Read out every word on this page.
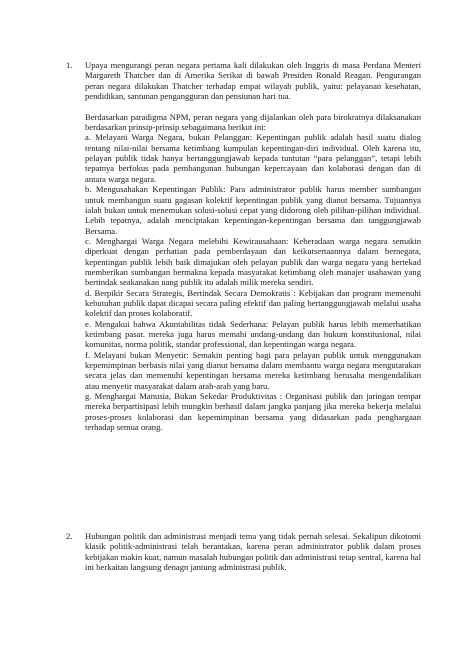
1.	Upaya mengurangi peran negara pertama kali dilakukan oleh Inggris di masa Perdana Menteri Margareth Thatcher dan di Amerika Serikat di bawah Presiden Ronald Reagan. Pengurangan peran negara dilakukan Thatcher terhadap empat wilayah publik, yaitu: pelayanan kesehatan, pendidikan, santunan pengangguran dan pensiunan hari tua.

Berdasarkan paradigma NPM, peran negara yang dijalankan oleh para birokratnya dilaksanakan berdasarkan prinsip-prinsip sebagaimana berikut ini:

a. Melayani Warga Negara, bukan Pelanggan: Kepentingan publik adalah hasil suatu dialog tentang nilai-nilai bersama ketimbang kumpulan kepentingan-diri individual. Oleh karena itu, pelayan publik tidak hanya bertanggungjawab kepada tuntutan “para pelanggan”, tetapi lebih tepatnya berfokus pada pembangunan hubungan kepercayaan dan kolaborasi dengan dan di antara warga negara.

b. Mengusahakan Kepentingan Publik: Para administrator publik harus member sumbangan untuk membangun suatu gagasan kolektif kepentingan publik yang dianut bersama. Tujuannya ialah bukan untuk menemukan solusi-solusi cepat yang didorong oleh pilihan-pilihan individual. Lebih tepatnya, adalah menciptakan kepentingan-kepentingan bersama dan tanggungjawab Bersama.

c. Menghargai Warga Negara melebihi Kewirausahaan: Keberadaan warga negara semakin diperkuat dengan perhatian pada pemberdayaan dan keikutsertaannya dalam bernegara, kepentingan publik lebih baik dimajukan oleh pelayan publik dan warga negara yang bertekad memberikan sumbangan bermakna kepada masyarakat ketimbang oleh manajer usahawan yang bertindak seakanakan uang publik itu adalah milik mereka sendiri.

d. Berpikir Secara Strategis, Bertindak Secara Demokratis : Kebijakan dan program memenuhi kebutuhan publik dapat dicapai secara paling efektif dan paling bertanggungjawab melalui usaha kolektif dan proses kolaboratif.

e. Mengakui bahwa Akuntabilitas tidak Sederhana: Pelayan publik harus lebih memerhatikan ketimbang pasar. mereka juga harus memahi undang-undang dan hukum konstitusional, nilai komunitas, norma politik, standar professional, dan kepentingan warga negara.

f. Melayani bukan Menyetir: Semakin penting bagi para pelayan publik untuk menggunakan kepemimpinan berbasis nilai yang dianut bersama dalam membantu warga negara mengutarakan secara jelas dan memenuhi kepentingan bersama mereka ketimbang berusaha mengendalikan atau menyetir masyarakat dalam arah-arah yang baru.

g. Menghargai Manusia, Bukan Sekedar Produktivitas : Organisasi publik dan jaringan tempat mereka berpartisipasi lebih mungkin berhasil dalam jangka panjang jika mereka bekerja melalui proses-proses kolaborasi dan kepemimpinan bersama yang didasarkan pada penghargaan terhadap semua orang.

2.	Hubungan politik dan administrasi menjadi tema yang tidak pernah selesai. Sekalipun dikotomi klasik politik-administrasi telah berantakan, karena peran administrator publik dalam proses kebijakan makin kuat, namun masalah hubungan politik dan administrasi tetap sentral, karena hal ini berkaitan langsung denagn jantung administrasi publik.
